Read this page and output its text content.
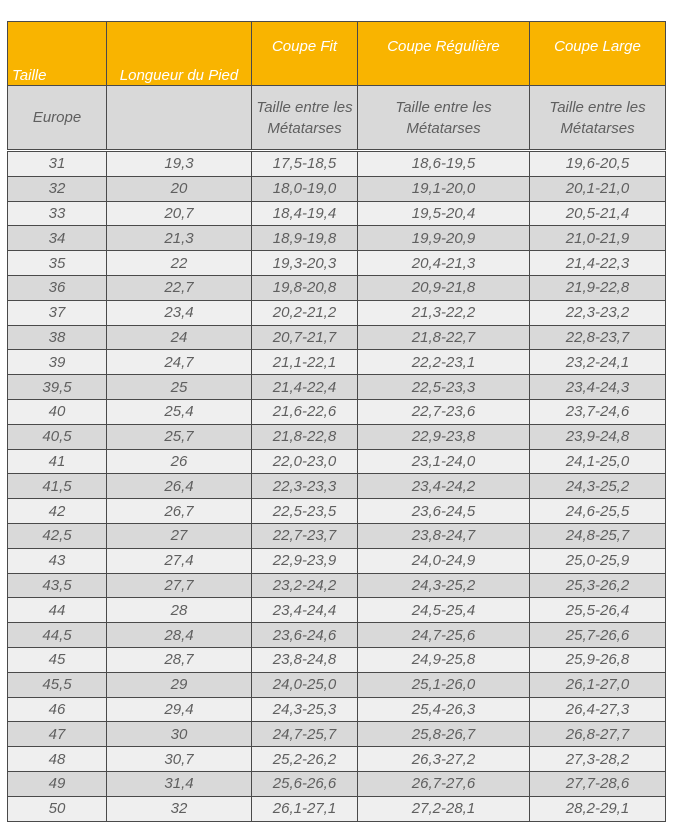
Taille	Longueur du Pied	Coupe Fit	Coupe Régulière	Coupe Large
Europe		Taille entre les Métatarses	Taille entre les Métatarses	Taille entre les Métatarses
31	19,3	17,5-18,5	18,6-19,5	19,6-20,5
32	20	18,0-19,0	19,1-20,0	20,1-21,0
33	20,7	18,4-19,4	19,5-20,4	20,5-21,4
34	21,3	18,9-19,8	19,9-20,9	21,0-21,9
35	22	19,3-20,3	20,4-21,3	21,4-22,3
36	22,7	19,8-20,8	20,9-21,8	21,9-22,8
37	23,4	20,2-21,2	21,3-22,2	22,3-23,2
38	24	20,7-21,7	21,8-22,7	22,8-23,7
39	24,7	21,1-22,1	22,2-23,1	23,2-24,1
39,5	25	21,4-22,4	22,5-23,3	23,4-24,3
40	25,4	21,6-22,6	22,7-23,6	23,7-24,6
40,5	25,7	21,8-22,8	22,9-23,8	23,9-24,8
41	26	22,0-23,0	23,1-24,0	24,1-25,0
41,5	26,4	22,3-23,3	23,4-24,2	24,3-25,2
42	26,7	22,5-23,5	23,6-24,5	24,6-25,5
42,5	27	22,7-23,7	23,8-24,7	24,8-25,7
43	27,4	22,9-23,9	24,0-24,9	25,0-25,9
43,5	27,7	23,2-24,2	24,3-25,2	25,3-26,2
44	28	23,4-24,4	24,5-25,4	25,5-26,4
44,5	28,4	23,6-24,6	24,7-25,6	25,7-26,6
45	28,7	23,8-24,8	24,9-25,8	25,9-26,8
45,5	29	24,0-25,0	25,1-26,0	26,1-27,0
46	29,4	24,3-25,3	25,4-26,3	26,4-27,3
47	30	24,7-25,7	25,8-26,7	26,8-27,7
48	30,7	25,2-26,2	26,3-27,2	27,3-28,2
49	31,4	25,6-26,6	26,7-27,6	27,7-28,6
50	32	26,1-27,1	27,2-28,1	28,2-29,1
